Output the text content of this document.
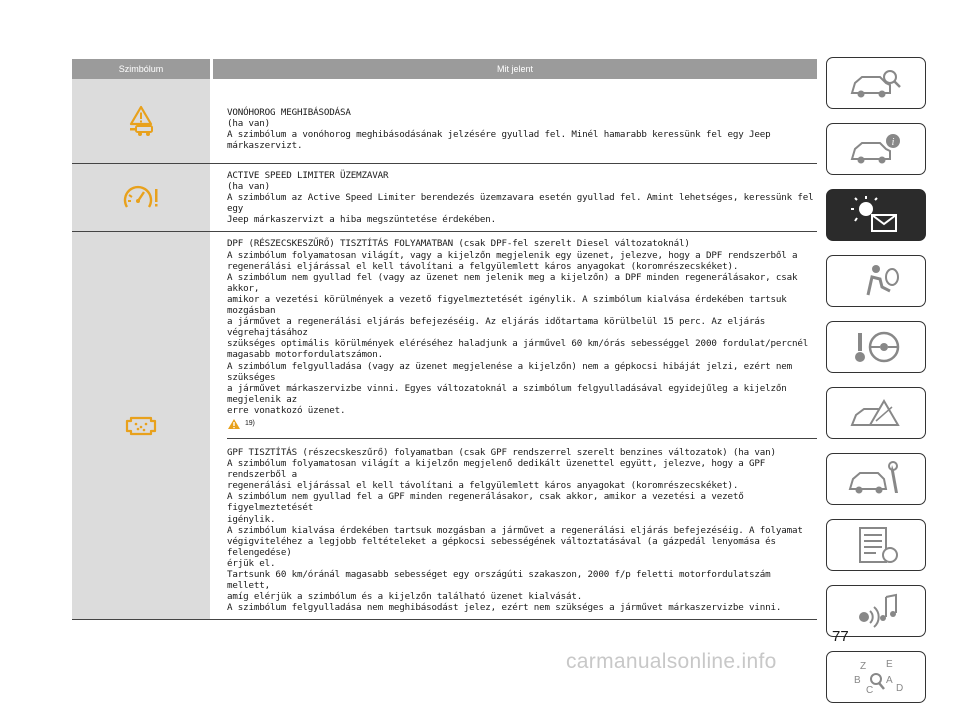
Szimbólum	Mit jelent

VONÓHOROG MEGHIBÁSODÁSA

(ha van)

A szimbólum a vonóhorog meghibásodásának jelzésére gyullad fel. Minél hamarabb keressünk fel egy Jeep
márkaszervizt.

ACTIVE SPEED LIMITER ÜZEMZAVAR

(ha van)

A szimbólum az Active Speed Limiter berendezés üzemzavara esetén gyullad fel. Amint lehetséges, keressünk fel egy
Jeep márkaszervizt a hiba megszüntetése érdekében.

DPF (RÉSZECSKESZŰRŐ) TISZTÍTÁS FOLYAMATBAN (csak DPF-fel szerelt Diesel változatoknál)

A szimbólum folyamatosan világít, vagy a kijelzőn megjelenik egy üzenet, jelezve, hogy a DPF rendszerből a
regenerálási eljárással el kell távolítani a felgyülemlett káros anyagokat (koromrészecskéket).
A szimbólum nem gyullad fel (vagy az üzenet nem jelenik meg a kijelzőn) a DPF minden regenerálásakor, csak akkor,
amikor a vezetési körülmények a vezető figyelmeztetését igénylik. A szimbólum kialvása érdekében tartsuk mozgásban
a járművet a regenerálási eljárás befejezéséig. Az eljárás időtartama körülbelül 15 perc. Az eljárás végrehajtásához
szükséges optimális körülmények eléréséhez haladjunk a járművel 60 km/órás sebességgel 2000 fordulat/percnél
magasabb motorfordulatszámon.
A szimbólum felgyulladása (vagy az üzenet megjelenése a kijelzőn) nem a gépkocsi hibáját jelzi, ezért nem szükséges
a járművet márkaszervizbe vinni. Egyes változatoknál a szimbólum felgyulladásával egyidejűleg a kijelzőn megjelenik az
erre vonatkozó üzenet.

19)

GPF TISZTÍTÁS (részecskeszűrő) folyamatban (csak GPF rendszerrel szerelt benzines változatok) (ha van)

A szimbólum folyamatosan világít a kijelzőn megjelenő dedikált üzenettel együtt, jelezve, hogy a GPF rendszerből a
regenerálási eljárással el kell távolítani a felgyülemlett káros anyagokat (koromrészecskéket).
A szimbólum nem gyullad fel a GPF minden regenerálásakor, csak akkor, amikor a vezetési a vezető figyelmeztetését
igénylik.
A szimbólum kialvása érdekében tartsuk mozgásban a járművet a regenerálási eljárás befejezéséig. A folyamat
végigviteléhez a legjobb feltételeket a gépkocsi sebességének változtatásával (a gázpedál lenyomása és felengedése)
érjük el.
Tartsunk 60 km/óránál magasabb sebességet egy országúti szakaszon, 2000 f/p feletti motorfordulatszám mellett,
amíg elérjük a szimbólum és a kijelzőn található üzenet kialvását.
A szimbólum felgyulladása nem meghibásodást jelez, ezért nem szükséges a járművet márkaszervizbe vinni.

i
Z E
B	A
C D
77
carmanualsonline.info
